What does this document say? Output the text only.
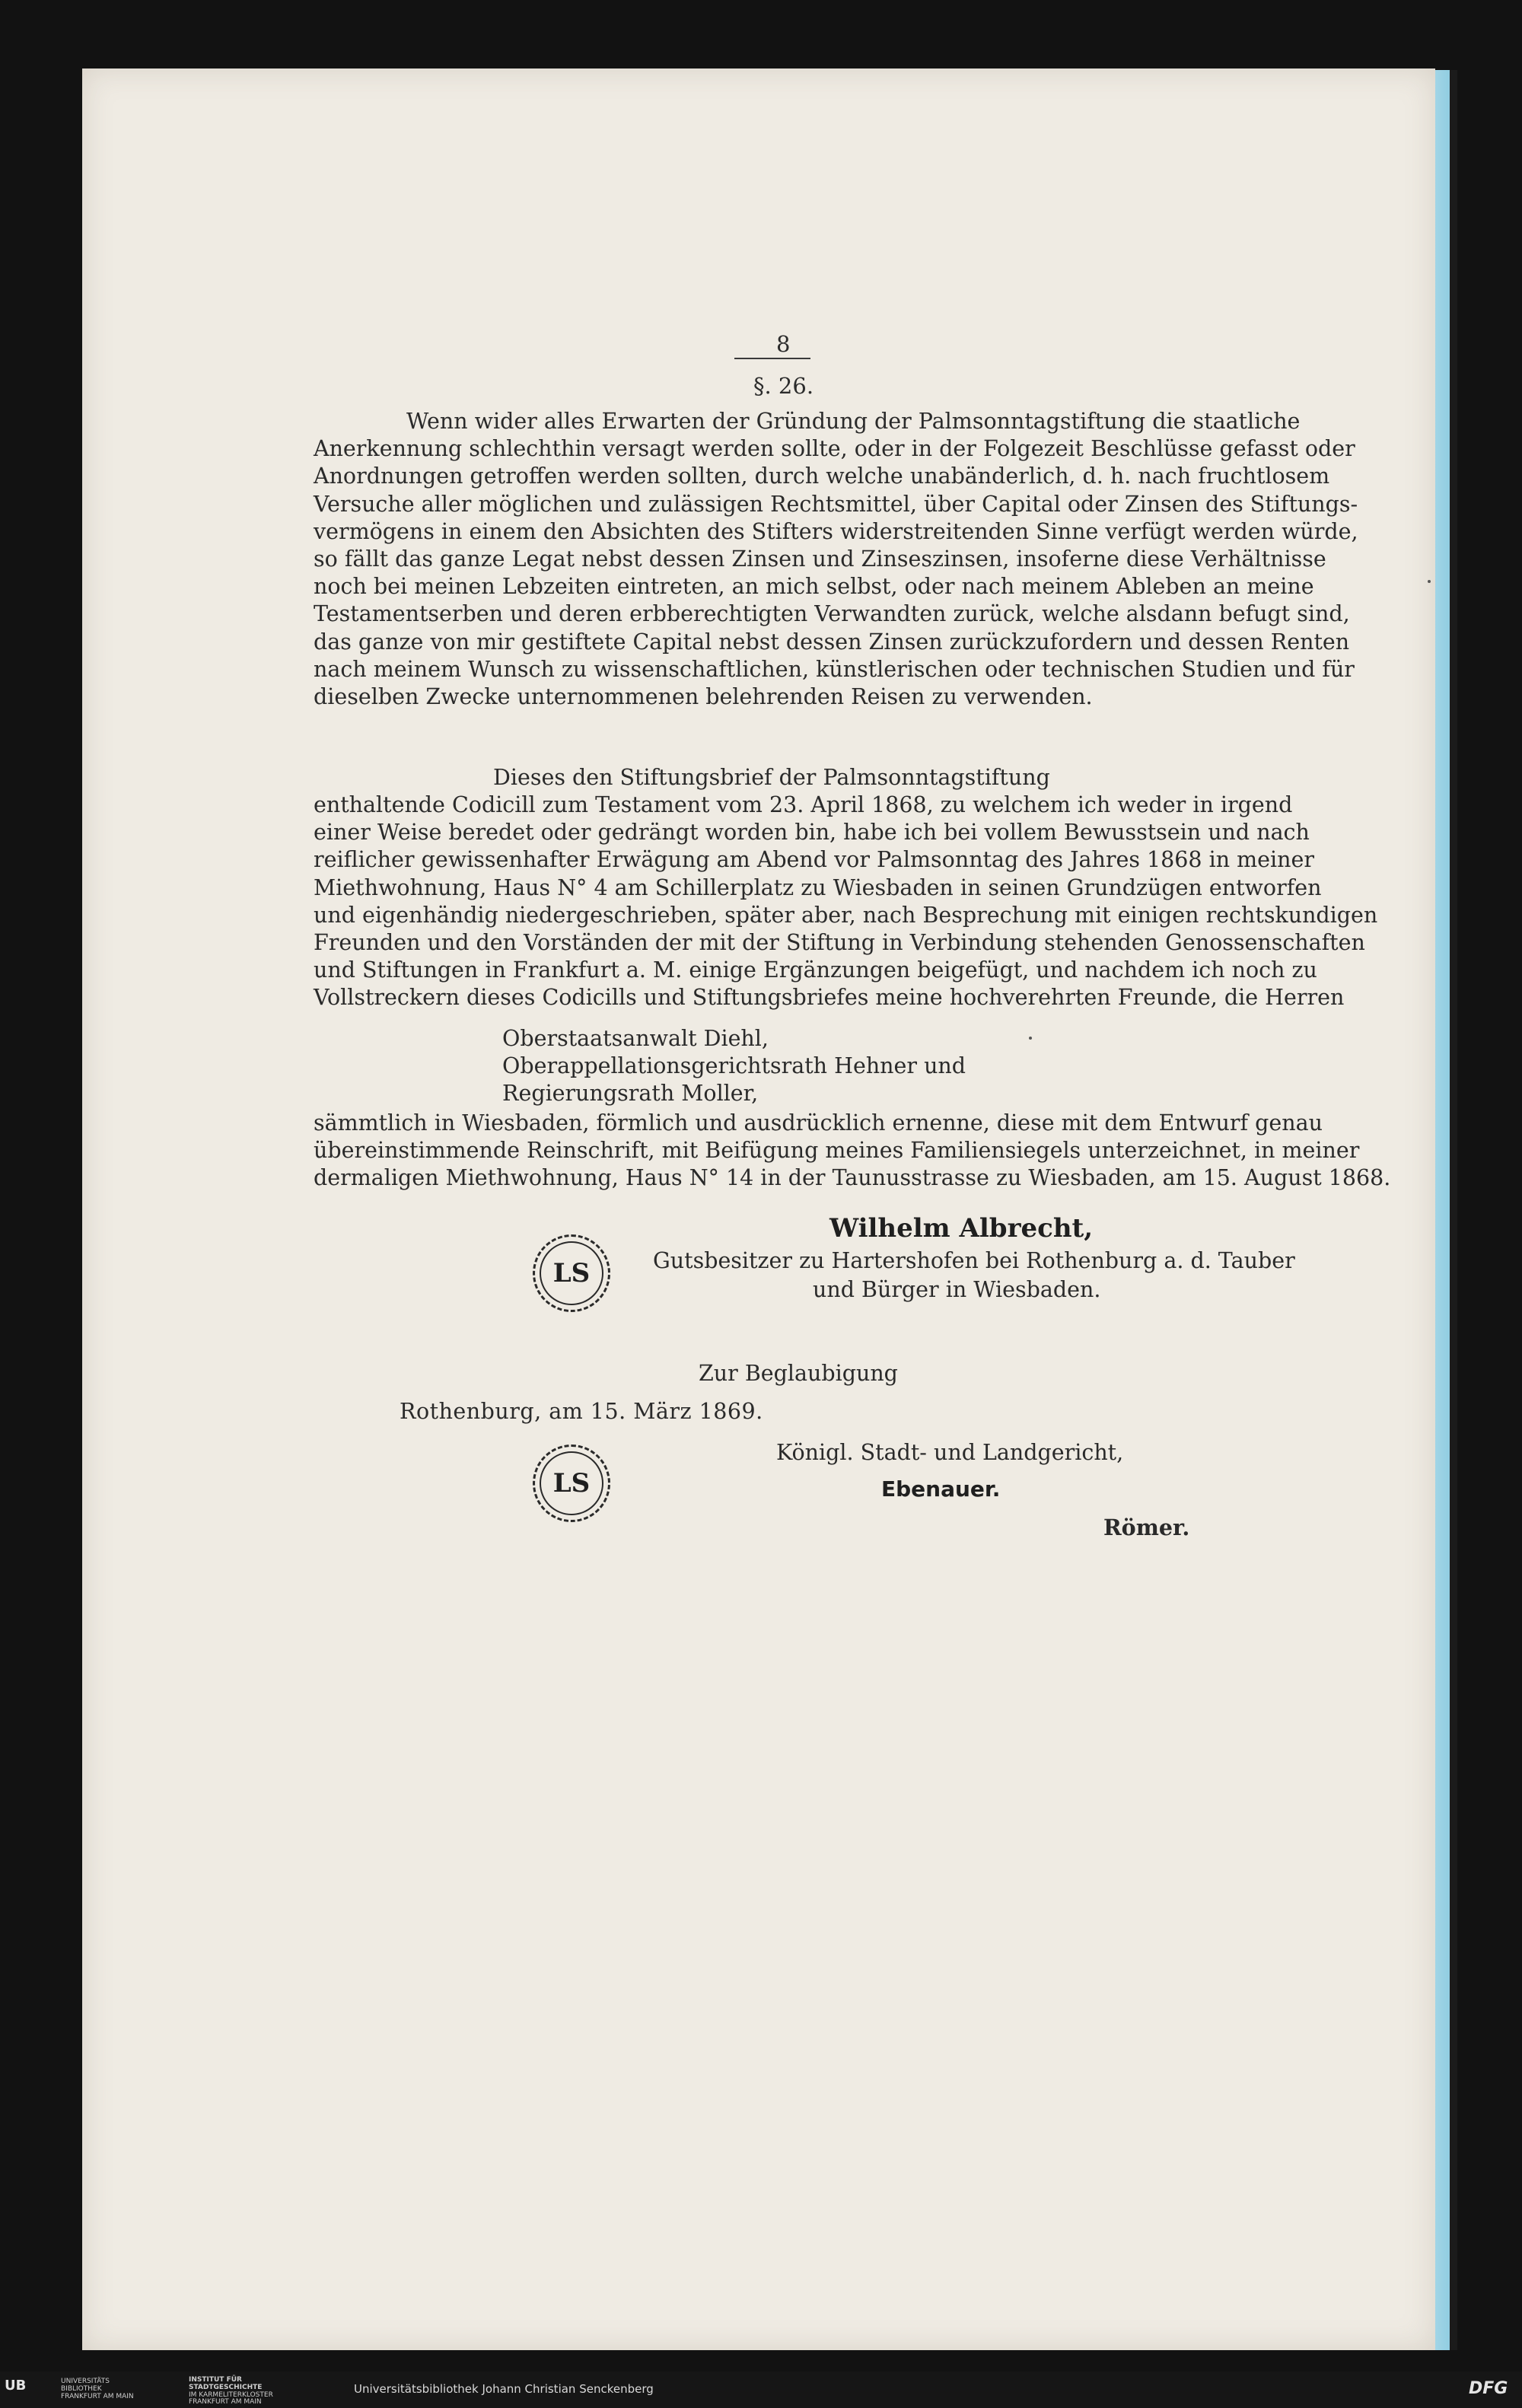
8
§. 26.
Wenn wider alles Erwarten der Gründung der Palmsonntagstiftung die staatliche
Anerkennung schlechthin versagt werden sollte, oder in der Folgezeit Beschlüsse gefasst oder
Anordnungen getroffen werden sollten, durch welche unabänderlich, d. h. nach fruchtlosem
Versuche aller möglichen und zulässigen Rechtsmittel, über Capital oder Zinsen des Stiftungs-
vermögens in einem den Absichten des Stifters widerstreitenden Sinne verfügt werden würde,
so fällt das ganze Legat nebst dessen Zinsen und Zinseszinsen, insoferne diese Verhältnisse
noch bei meinen Lebzeiten eintreten, an mich selbst, oder nach meinem Ableben an meine
Testamentserben und deren erbberechtigten Verwandten zurück, welche alsdann befugt sind,
das ganze von mir gestiftete Capital nebst dessen Zinsen zurückzufordern und dessen Renten
nach meinem Wunsch zu wissenschaftlichen, künstlerischen oder technischen Studien und für
dieselben Zwecke unternommenen belehrenden Reisen zu verwenden.
Dieses den Stiftungsbrief der Palmsonntagstiftung
enthaltende Codicill zum Testament vom 23. April 1868, zu welchem ich weder in irgend
einer Weise beredet oder gedrängt worden bin, habe ich bei vollem Bewusstsein und nach
reiflicher gewissenhafter Erwägung am Abend vor Palmsonntag des Jahres 1868 in meiner
Miethwohnung, Haus N° 4 am Schillerplatz zu Wiesbaden in seinen Grundzügen entworfen
und eigenhändig niedergeschrieben, später aber, nach Besprechung mit einigen rechtskundigen
Freunden und den Vorständen der mit der Stiftung in Verbindung stehenden Genossenschaften
und Stiftungen in Frankfurt a. M. einige Ergänzungen beigefügt, und nachdem ich noch zu
Vollstreckern dieses Codicills und Stiftungsbriefes meine hochverehrten Freunde, die Herren
Oberstaatsanwalt Diehl,
Oberappellationsgerichtsrath Hehner und
Regierungsrath Moller,
sämmtlich in Wiesbaden, förmlich und ausdrücklich ernenne, diese mit dem Entwurf genau
übereinstimmende Reinschrift, mit Beifügung meines Familiensiegels unterzeichnet, in meiner
dermaligen Miethwohnung, Haus N° 14 in der Taunusstrasse zu Wiesbaden, am 15. August 1868.
LS
Wilhelm Albrecht,
Gutsbesitzer zu Hartershofen bei Rothenburg a. d. Tauber
und Bürger in Wiesbaden.
Zur Beglaubigung
Rothenburg, am 15. März 1869.
Königl. Stadt- und Landgericht,
LS	Ebenauer.
Römer.
UB	UNIVERSITÄTS
BIBLIOTHEK
FRANKFURT AM MAIN
INSTITUT FÜR
STADTGESCHICHTE
IM KARMELITERKLOSTER
FRANKFURT AM MAIN
Universitätsbibliothek Johann Christian Senckenberg	DFG
